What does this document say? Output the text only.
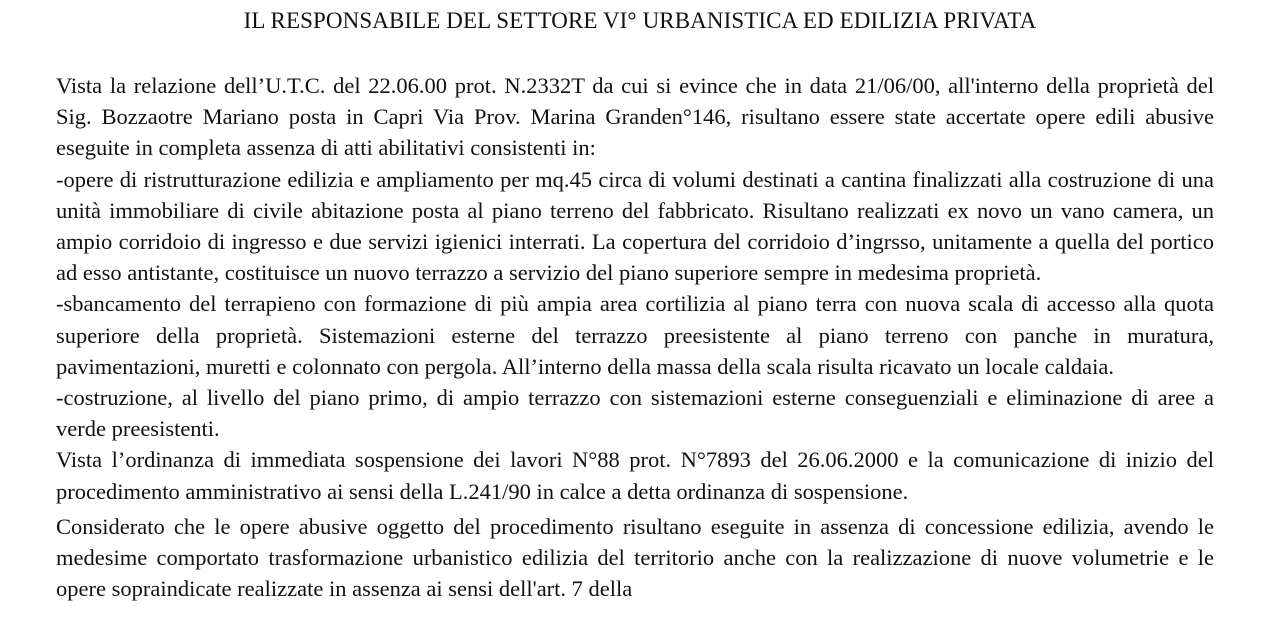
IL RESPONSABILE DEL SETTORE VI° URBANISTICA ED EDILIZIA PRIVATA

Vista la relazione dell’U.T.C. del 22.06.00 prot. N.2332T da cui si evince che in data 21/06/00, all'interno della proprietà del Sig. Bozzaotre Mariano posta in Capri Via Prov. Marina Granden°146, risultano essere state accertate opere edili abusive eseguite in completa assenza di atti abilitativi consistenti in:

-opere di ristrutturazione edilizia e ampliamento per mq.45 circa di volumi destinati a cantina finalizzati alla costruzione di una unità immobiliare di civile abitazione posta al piano terreno del fabbricato. Risultano realizzati ex novo un vano camera, un ampio corridoio di ingresso e due servizi igienici interrati. La copertura del corridoio d’ingrsso, unitamente a quella del portico ad esso antistante, costituisce un nuovo terrazzo a servizio del piano superiore sempre in medesima proprietà.

-sbancamento del terrapieno con formazione di più ampia area cortilizia al piano terra con nuova scala di accesso alla quota superiore della proprietà. Sistemazioni esterne del terrazzo preesistente al piano terreno con panche in muratura, pavimentazioni, muretti e colonnato con pergola. All’interno della massa della scala risulta ricavato un locale caldaia.

-costruzione, al livello del piano primo, di ampio terrazzo con sistemazioni esterne conseguenziali e eliminazione di aree a verde preesistenti.

Vista l’ordinanza di immediata sospensione dei lavori N°88 prot. N°7893 del 26.06.2000 e la comunicazione di inizio del procedimento amministrativo ai sensi della L.241/90 in calce a detta ordinanza di sospensione.

Considerato che le opere abusive oggetto del procedimento risultano eseguite in assenza di concessione edilizia, avendo le medesime comportato trasformazione urbanistico edilizia del territorio anche con la realizzazione di nuove volumetrie e le opere sopraindicate realizzate in assenza ai sensi dell'art. 7 della
